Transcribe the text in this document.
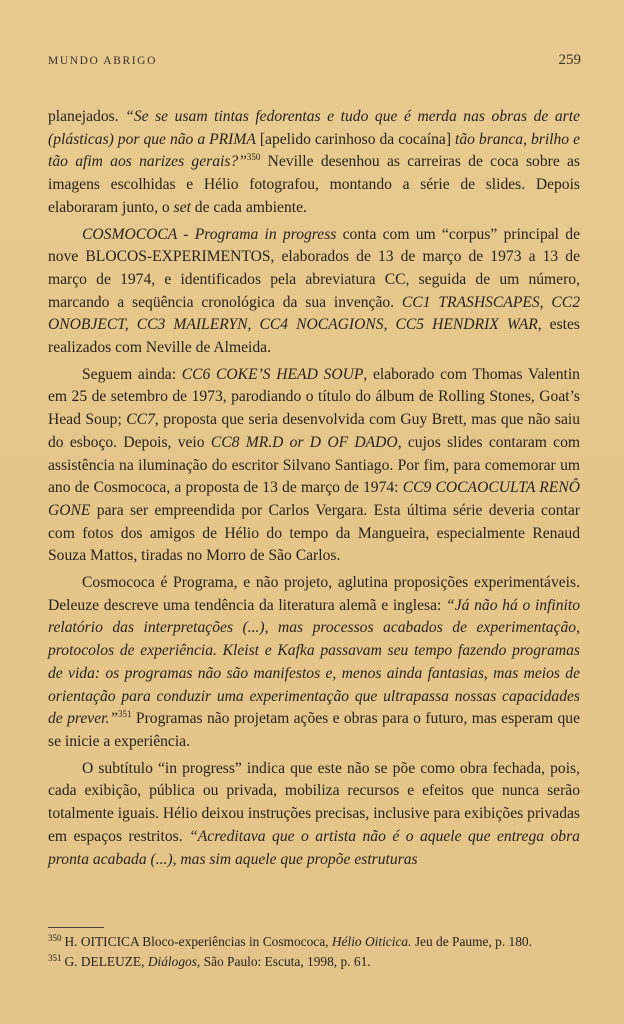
MUNDO ABRIGO	259

planejados. “Se se usam tintas fedorentas e tudo que é merda nas obras de arte (plásticas) por que não a PRIMA [apelido carinhoso da cocaína] tão branca, brilho e tão afim aos narizes gerais?”$^{350}$ Neville desenhou as carreiras de coca sobre as imagens escolhidas e Hélio fotografou, montando a série de slides. Depois elaboraram junto, o set de cada ambiente.

COSMOCOCA - Programa in progress conta com um “corpus” principal de nove BLOCOS-EXPERIMENTOS, elaborados de 13 de março de 1973 a 13 de março de 1974, e identificados pela abreviatura CC, seguida de um número, marcando a seqüência cronológica da sua invenção. CC1 TRASHSCAPES, CC2 ONOBJECT, CC3 MAILERYN, CC4 NOCAGIONS, CC5 HENDRIX WAR, estes realizados com Neville de Almeida.

Seguem ainda: CC6 COKE’S HEAD SOUP, elaborado com Thomas Valentin em 25 de setembro de 1973, parodiando o título do álbum de Rolling Stones, Goat’s Head Soup; CC7, proposta que seria desenvolvida com Guy Brett, mas que não saiu do esboço. Depois, veio CC8 MR.D or D OF DADO, cujos slides contaram com assistência na iluminação do escritor Silvano Santiago. Por fim, para comemorar um ano de Cosmococa, a proposta de 13 de março de 1974: CC9 COCAOCULTA RENÔ GONE para ser empreendida por Carlos Vergara. Esta última série deveria contar com fotos dos amigos de Hélio do tempo da Mangueira, especialmente Renaud Souza Mattos, tiradas no Morro de São Carlos.

Cosmococa é Programa, e não projeto, aglutina proposições experimentáveis. Deleuze descreve uma tendência da literatura alemã e inglesa: “Já não há o infinito relatório das interpretações (...), mas processos acabados de experimentação, protocolos de experiência. Kleist e Kafka passavam seu tempo fazendo programas de vida: os programas não são manifestos e, menos ainda fantasias, mas meios de orientação para conduzir uma experimentação que ultrapassa nossas capacidades de prever.”$^{351}$ Programas não projetam ações e obras para o futuro, mas esperam que se inicie a experiência.

O subtítulo “in progress” indica que este não se põe como obra fechada, pois, cada exibição, pública ou privada, mobiliza recursos e efeitos que nunca serão totalmente iguais. Hélio deixou instruções precisas, inclusive para exibições privadas em espaços restritos. “Acreditava que o artista não é o aquele que entrega obra pronta acabada (...), mas sim aquele que propõe estruturas

$^{350}$ H. OITICICA Bloco-experiências in Cosmococa, Hélio Oiticica. Jeu de Paume, p. 180.
$^{351}$ G. DELEUZE, Diálogos, São Paulo: Escuta, 1998, p. 61.
